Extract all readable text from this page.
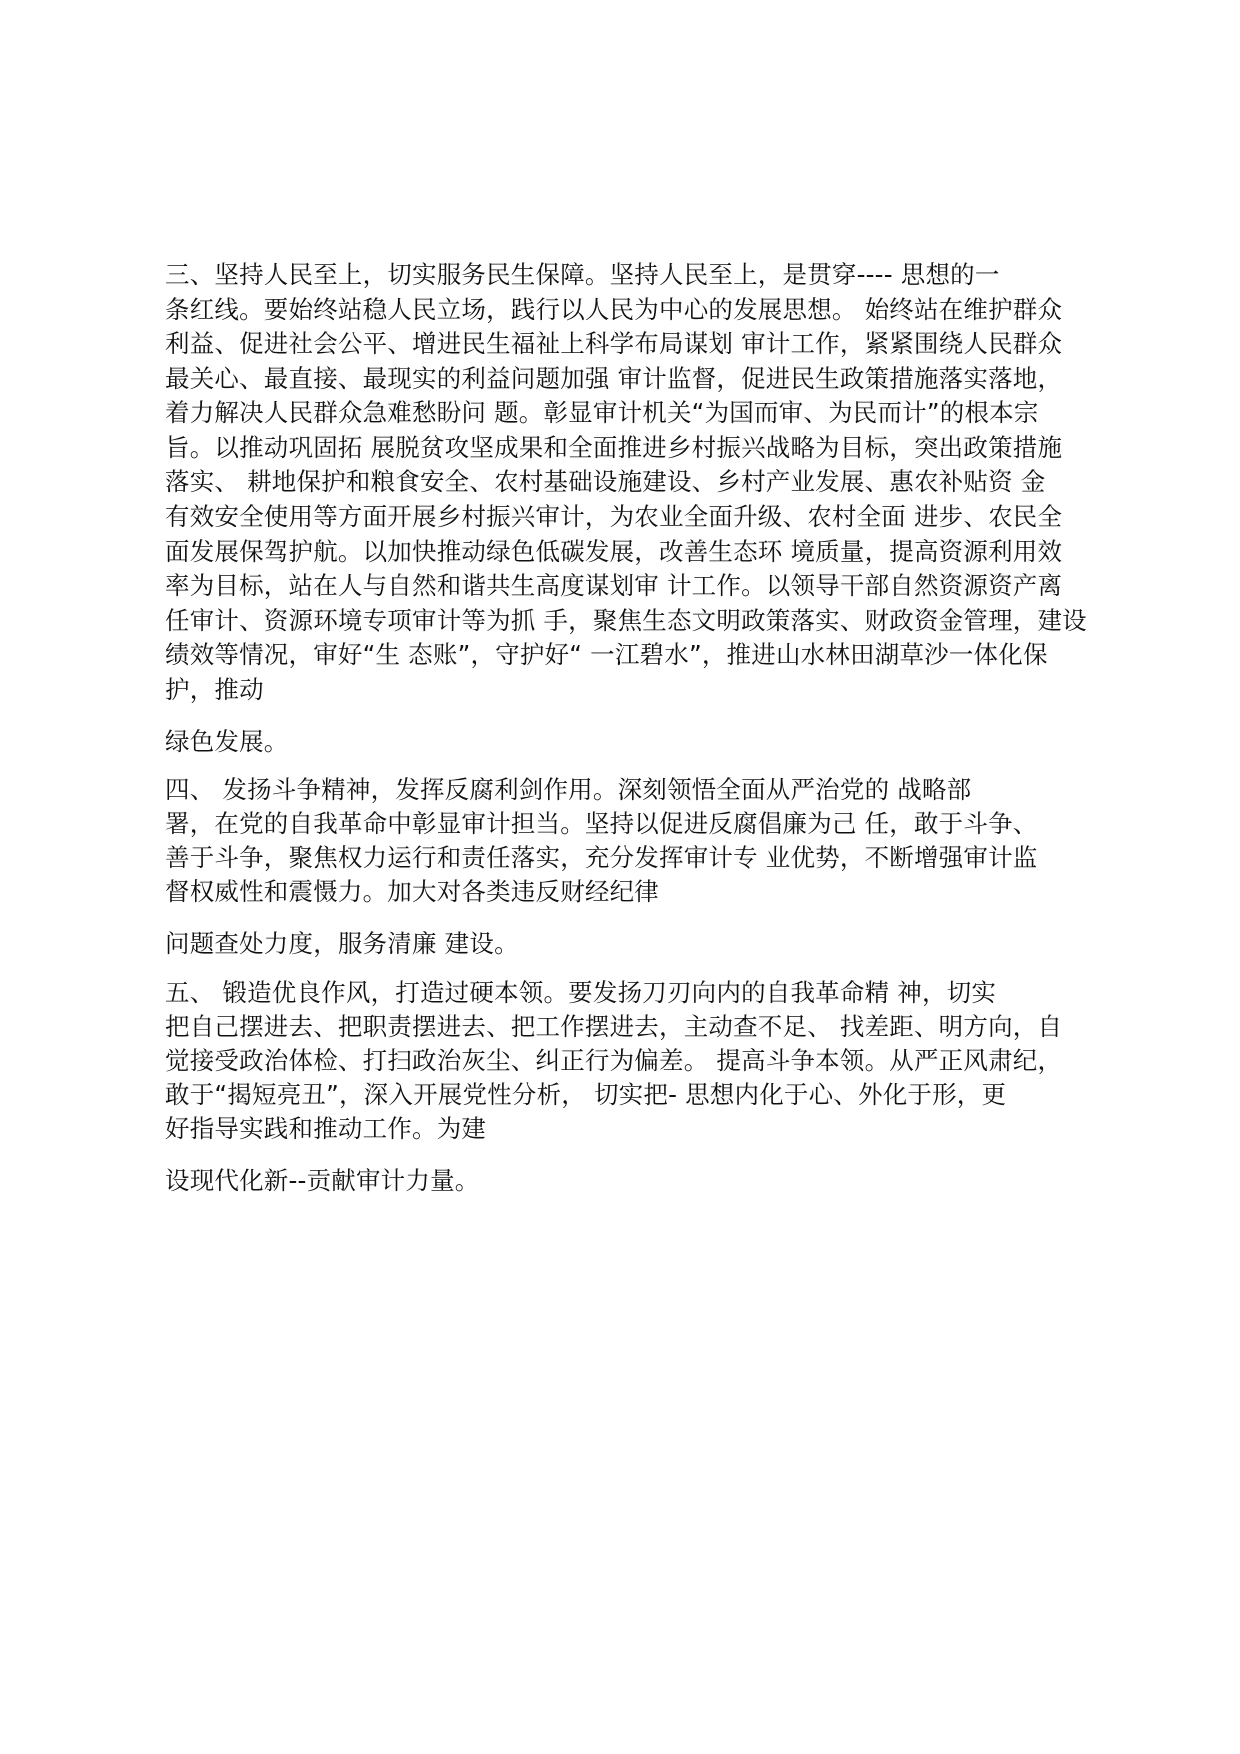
三、坚持人民至上，切实服务民生保障。坚持人民至上，是贯穿---- 思想的一
条红线。要始终站稳人民立场，践行以人民为中心的发展思想。 始终站在维护群众
利益、促进社会公平、增进民生福祉上科学布局谋划 审计工作，紧紧围绕人民群众
最关心、最直接、最现实的利益问题加强 审计监督，促进民生政策措施落实落地，
着力解决人民群众急难愁盼问 题。彰显审计机关“为国而审、为民而计”的根本宗
旨。以推动巩固拓 展脱贫攻坚成果和全面推进乡村振兴战略为目标，突出政策措施
落实、 耕地保护和粮食安全、农村基础设施建设、乡村产业发展、惠农补贴资 金
有效安全使用等方面开展乡村振兴审计，为农业全面升级、农村全面 进步、农民全
面发展保驾护航。以加快推动绿色低碳发展，改善生态环 境质量，提高资源利用效
率为目标，站在人与自然和谐共生高度谋划审 计工作。以领导干部自然资源资产离
任审计、资源环境专项审计等为抓 手，聚焦生态文明政策落实、财政资金管理，建设
绩效等情况，审好“生 态账”，守护好“ 一江碧水”，推进山水林田湖草沙一体化保
护，推动
绿色发展。
四、 发扬斗争精神，发挥反腐利剑作用。深刻领悟全面从严治党的 战略部
署，在党的自我革命中彰显审计担当。坚持以促进反腐倡廉为己 任，敢于斗争、
善于斗争，聚焦权力运行和责任落实，充分发挥审计专 业优势，不断增强审计监
督权威性和震慑力。加大对各类违反财经纪律
问题查处力度，服务清廉 建设。
五、 锻造优良作风，打造过硬本领。要发扬刀刃向内的自我革命精 神，切实
把自己摆进去、把职责摆进去、把工作摆进去，主动查不足、 找差距、明方向，自
觉接受政治体检、打扫政治灰尘、纠正行为偏差。 提高斗争本领。从严正风肃纪，
敢于“揭短亮丑”，深入开展党性分析， 切实把- 思想内化于心、外化于形，更
好指导实践和推动工作。为建
设现代化新--贡献审计力量。
